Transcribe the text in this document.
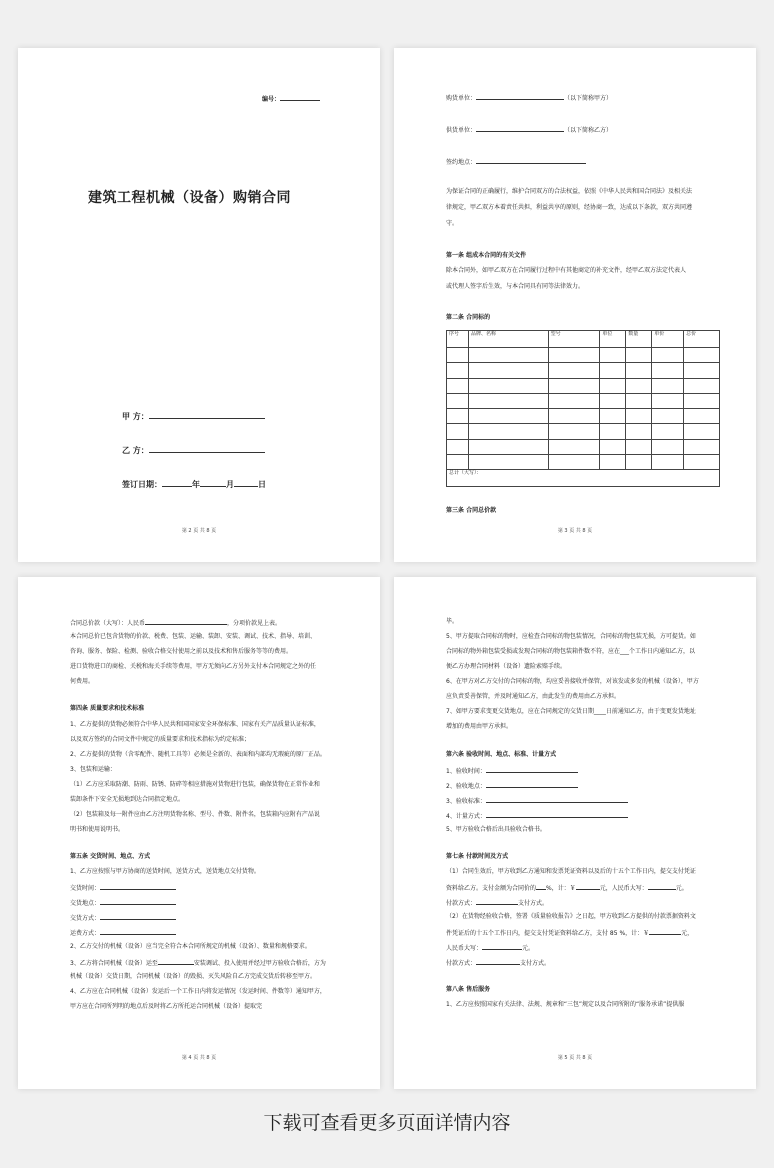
编号：
建筑工程机械（设备）购销合同
甲 方：
乙 方：
签订日期：	年	月	日
第 2 页 共 8 页
购货单位：	（以下简称甲方）
供货单位：	（以下简称乙方）
签约地点：
为保证合同的正确履行，维护合同双方的合法权益，依照《中华人民共和国合同法》及相关法
律规定，甲乙双方本着责任共担，利益共享的原则，经协商一致，达成以下条款，双方共同遵
守。
第一条 组成本合同的有关文件
除本合同外，如甲乙双方在合同履行过程中有其他商定的补充文件，经甲乙双方法定代表人
或代理人签字后生效，与本合同具有同等法律效力。
第二条 合同标的
序号	品牌、名称	型号	单位	数量	单价	总价

总计（大写）：						
第三条 合同总价款
第 3 页 共 8 页
合同总价款（大写）：人民币	，分项价款见上表。
本合同总价已包含货物的价款、税费、包装、运输、装卸、安装、调试、技术、指导、培训、
咨询、服务、保险、检测、验收合格交付使用之前以及技术和售后服务等等的费用。
进口货物进口的商检、关税和海关手续等费用，甲方无须向乙方另外支付本合同规定之外的任
何费用。
第四条 质量要求和技术标准
1、乙方提供的货物必须符合中华人民共和国国家安全环保标准、国家有关产品质量认证标准，
以及双方签约的合同文件中规定的质量要求和技术指标为约定标准；
2、乙方提供的货物（含零配件、随机工具等）必须是全新的、表面和内部均无瑕疵的原厂正品。
3、包装和运输：
（1）乙方应采取防潮、防雨、防锈、防碎等相应措施对货物进行包装，确保货物在正常作业和
装卸条件下安全无损地到达合同指定地点。
（2）包装箱及每一附件应由乙方注明货物名称、型号、件数、附件名，包装箱内应附有产品说
明书和使用说明书。
第五条 交货时间、地点、方式
1、乙方应按照与甲方协商的送货时间，送货方式，送货地点交付货物。
交货时间：
交货地点：
交货方式：
运费方式：
2、乙方交付的机械（设备）应当完全符合本合同所规定的机械（设备）、数量和规格要求。
3、乙方将合同机械（设备）运至	安装调试、投入使用并经过甲方验收合格后，方为
机械（设备）交货日期，合同机械（设备）的毁损、灭失风险自乙方完成交货后转移至甲方。
4、乙方应在合同机械（设备）发运后一个工作日内将发运情况（发运时间、件数等）通知甲方，
甲方应在合同所列明的地点后及时将乙方所托运合同机械（设备）提取完
第 4 页 共 8 页
毕。
5、甲方提取合同标的物时，应检查合同标的物包装情况，合同标的物包装无损，方可提货。如
合同标的物外箱包装受损或发现合同标的物包装箱件数不符，应在___个工作日内通知乙方，以
便乙方办理合同材料（设备）遗险索赔手续。
6、在甲方对乙方交付的合同标的物，均应妥善接收并保管，对该发或多发的机械（设备），甲方
应负责妥善保管，并及时通知乙方，由此发生的费用由乙方承担。
7、如甲方要求变更交货地点，应在合同规定的交货日期____日前通知乙方，由于变更发货地址
增加的费用由甲方承担。
第六条 验收时间、地点、标准、计量方式
1、验收时间：
2、验收地点：
3、验收标准：
4、计量方式：
5、甲方验收合格后出具验收合格书。
第七条 付款时间及方式
（1）合同生效后，甲方收到乙方通知和发票凭证资料以及后的十五个工作日内，提交支付凭证
资料给乙方。支付金额为合同价的 %，计：￥	元，人民币大写：	元。
付款方式：	支付方式。
（2）在货物经验收合格，签署《质量验收报告》之日起，甲方收到乙方提供的付款票据资料文
件凭证后的十五个工作日内，提交支付凭证资料给乙方，支付 85 %，计：￥	元，
人民币大写：	元。
付款方式：	支付方式。
第八条 售后服务
1、乙方应按照国家有关法律、法规、规章和“三包”规定以及合同所附的“服务承诺”提供服
第 5 页 共 8 页
下载可查看更多页面详情内容
